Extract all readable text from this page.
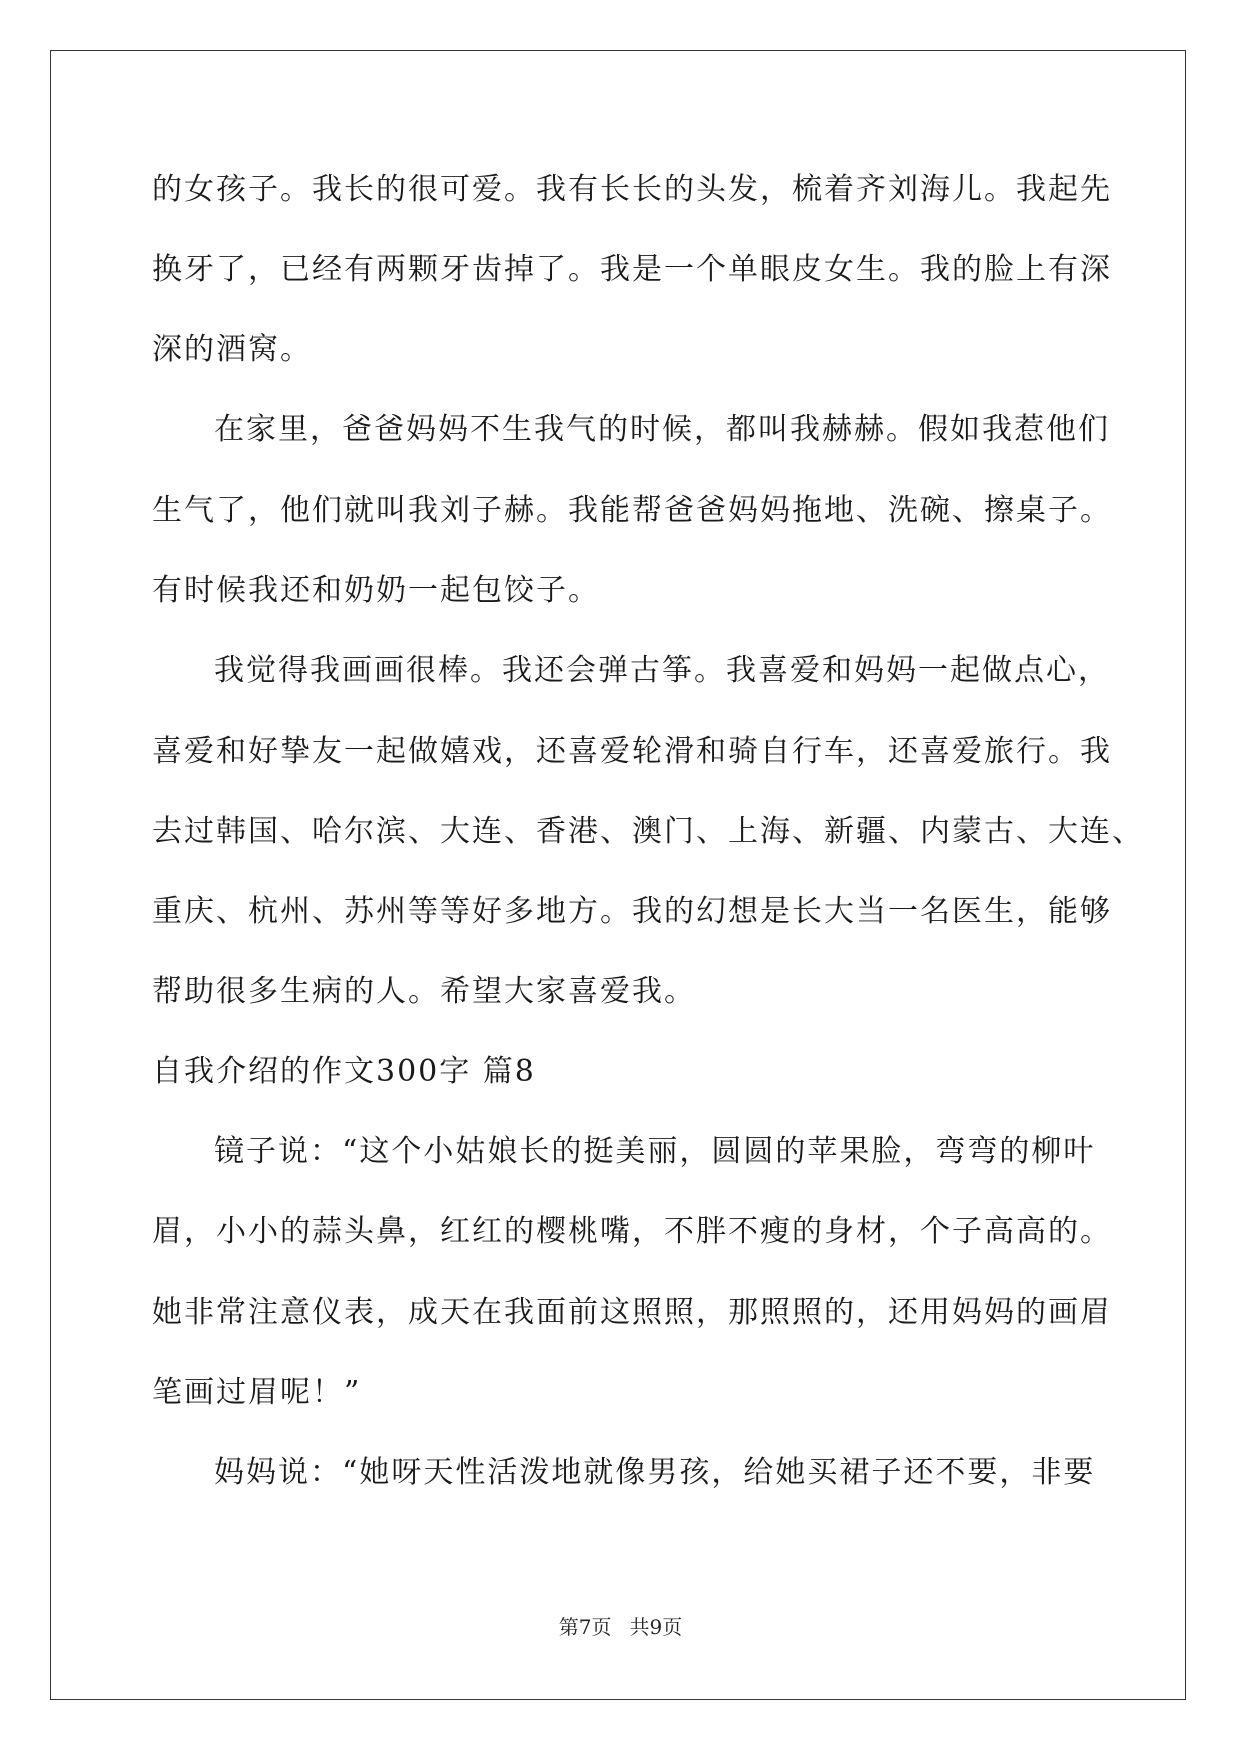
的女孩子。我长的很可爱。我有长长的头发，梳着齐刘海儿。我起先
换牙了，已经有两颗牙齿掉了。我是一个单眼皮女生。我的脸上有深
深的酒窝。
在家里，爸爸妈妈不生我气的时候，都叫我赫赫。假如我惹他们
生气了，他们就叫我刘子赫。我能帮爸爸妈妈拖地、洗碗、擦桌子。
有时候我还和奶奶一起包饺子。
我觉得我画画很棒。我还会弹古筝。我喜爱和妈妈一起做点心，
喜爱和好挚友一起做嬉戏，还喜爱轮滑和骑自行车，还喜爱旅行。我
去过韩国、哈尔滨、大连、香港、澳门、上海、新疆、内蒙古、大连、
重庆、杭州、苏州等等好多地方。我的幻想是长大当一名医生，能够
帮助很多生病的人。希望大家喜爱我。
自我介绍的作文300字 篇8
镜子说：“这个小姑娘长的挺美丽，圆圆的苹果脸，弯弯的柳叶
眉，小小的蒜头鼻，红红的樱桃嘴，不胖不瘦的身材，个子高高的。
她非常注意仪表，成天在我面前这照照，那照照的，还用妈妈的画眉
笔画过眉呢！”
妈妈说：“她呀天性活泼地就像男孩，给她买裙子还不要，非要
第7页 共9页
